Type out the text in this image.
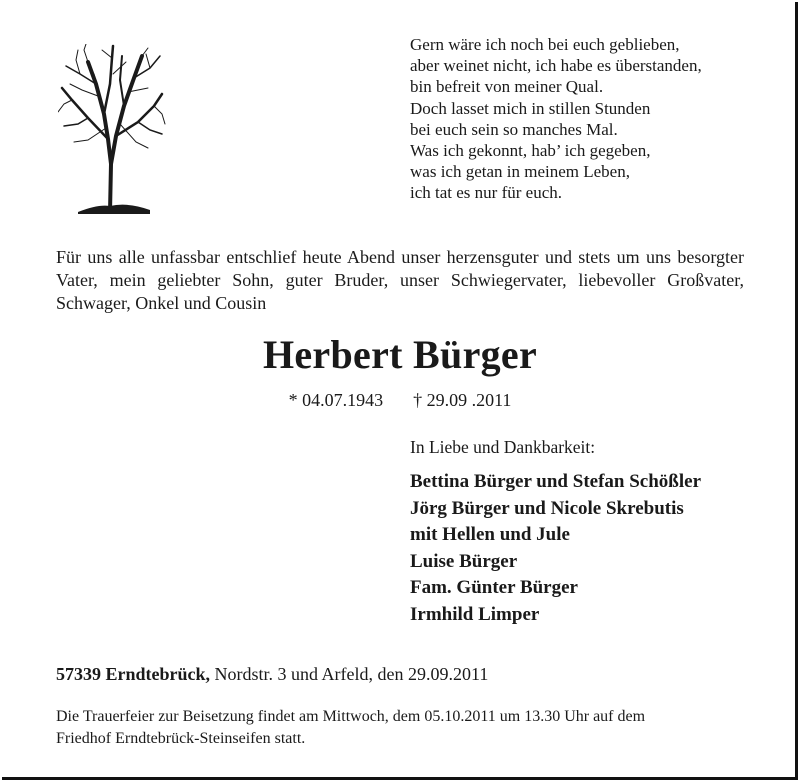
Gern wäre ich noch bei euch geblieben,
aber weinet nicht, ich habe es überstanden,
bin befreit von meiner Qual.
Doch lasset mich in stillen Stunden
bei euch sein so manches Mal.
Was ich gekonnt, hab’ ich gegeben,
was ich getan in meinem Leben,
ich tat es nur für euch.
Für uns alle unfassbar entschlief heute Abend unser herzensguter und stets um uns besorgter Vater, mein geliebter Sohn, guter Bruder, unser Schwiegervater, liebevoller Großvater, Schwager, Onkel und Cousin
Herbert Bürger
* 04.07.1943 † 29.09 .2011
In Liebe und Dankbarkeit:
Bettina Bürger und Stefan Schößler
Jörg Bürger und Nicole Skrebutis
mit Hellen und Jule
Luise Bürger
Fam. Günter Bürger
Irmhild Limper
57339 Erndtebrück, Nordstr. 3 und Arfeld, den 29.09.2011
Die Trauerfeier zur Beisetzung findet am Mittwoch, dem 05.10.2011 um 13.30 Uhr auf dem
Friedhof Erndtebrück-Steinseifen statt.
